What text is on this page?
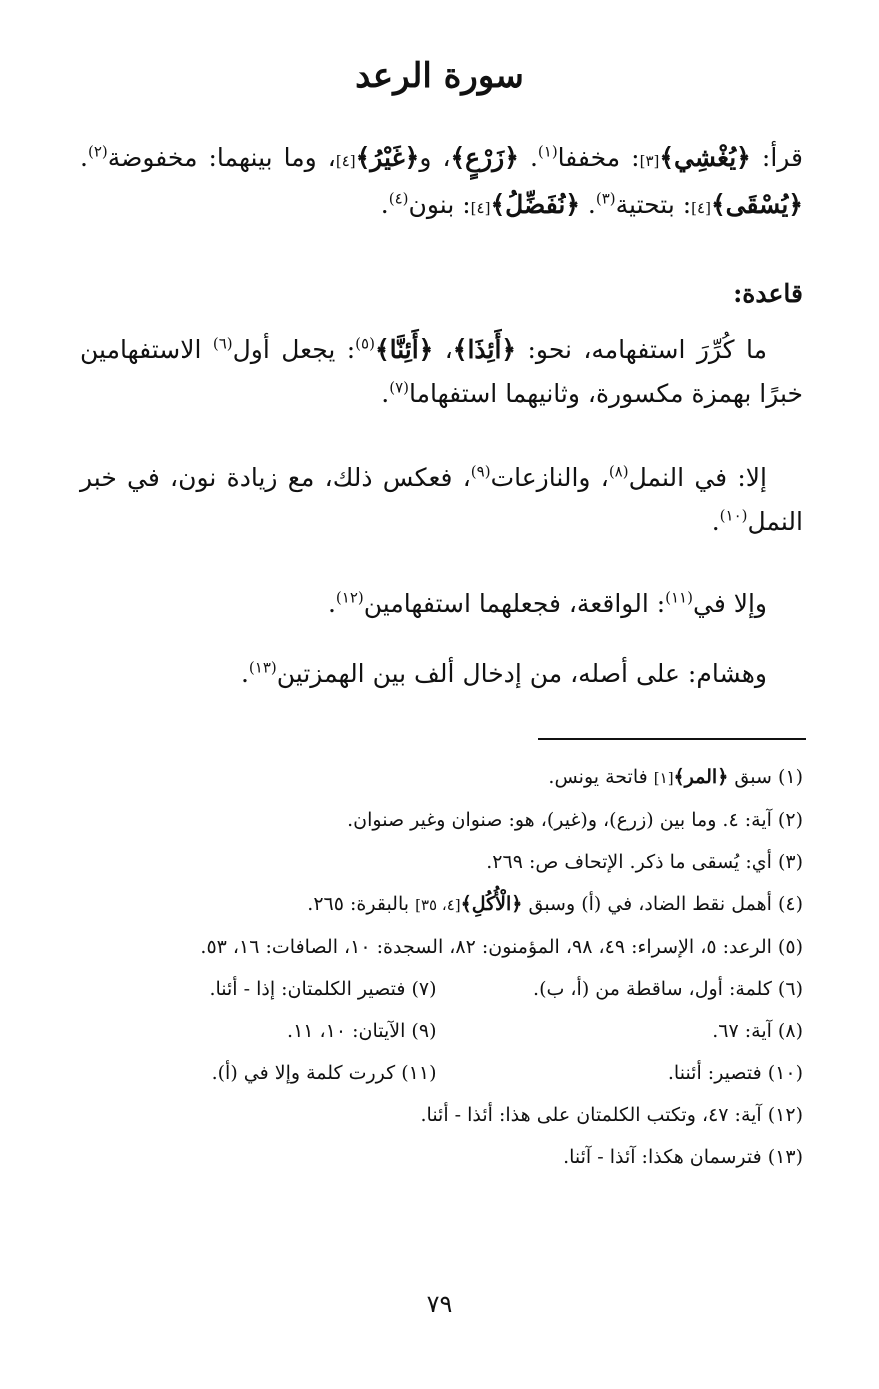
سورة الرعد

قرأ: ﴿يُغْشِي﴾[٣]: مخففا$^{(١)}$. ﴿زَرْعٍ﴾، و﴿غَيْرُ﴾[٤]، وما بينهما: مخفوضة$^{(٢)}$. ﴿يُسْقَى﴾[٤]: بتحتية$^{(٣)}$. ﴿نُفَضِّلُ﴾[٤]: بنون$^{(٤)}$.

قاعدة:

ما كُرِّرَ استفهامه، نحو: ﴿أَئِذَا﴾، ﴿أَئِنَّا﴾$^{(٥)}$: يجعل أول$^{(٦)}$ الاستفهامين خبرًا بهمزة مكسورة، وثانيهما استفهاما$^{(٧)}$.

إلا: في النمل$^{(٨)}$، والنازعات$^{(٩)}$، فعكس ذلك، مع زيادة نون، في خبر النمل$^{(١٠)}$.

وإلا في$^{(١١)}$: الواقعة، فجعلهما استفهامين$^{(١٢)}$.

وهشام: على أصله، من إدخال ألف بين الهمزتين$^{(١٣)}$.

(١) سبق ﴿المر﴾[١] فاتحة يونس.
(٢) آية: ٤. وما بين (زرع)، و(غير)، هو: صنوان وغير صنوان.
(٣) أي: يُسقى ما ذكر. الإتحاف ص: ٢٦٩.
(٤) أهمل نقط الضاد، في (أ) وسبق ﴿الْأُكُلِ﴾[٤، ٣٥] بالبقرة: ٢٦٥.
(٥) الرعد: ٥، الإسراء: ٤٩، ٩٨، المؤمنون: ٨٢، السجدة: ١٠، الصافات: ١٦، ٥٣.
(٦) كلمة: أول، ساقطة من (أ، ب).
(٧) فتصير الكلمتان: إذا - أئنا.
(٨) آية: ٦٧.
(٩) الآيتان: ١٠، ١١.
(١٠) فتصير: أئننا.
(١١) كررت كلمة وإلا في (أ).
(١٢) آية: ٤٧، وتكتب الكلمتان على هذا: أئذا - أئنا.
(١٣) فترسمان هكذا: آئذا - آئنا.
٧٩
